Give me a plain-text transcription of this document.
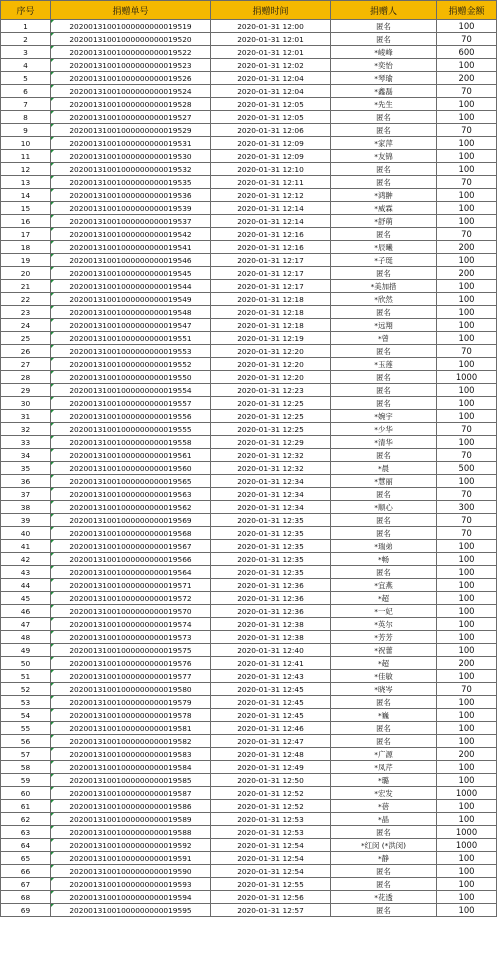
序号	捐赠单号	捐赠时间	捐赠人	捐赠金额
1	20200131001000000000019519	2020-01-31 12:00	匿名	100
2	20200131001000000000019520	2020-01-31 12:01	匿名	70
3	20200131001000000000019522	2020-01-31 12:01	*崚峰	600
4	20200131001000000000019523	2020-01-31 12:02	*奕怡	100
5	20200131001000000000019526	2020-01-31 12:04	*琴瑜	200
6	20200131001000000000019524	2020-01-31 12:04	*鑫磊	70
7	20200131001000000000019528	2020-01-31 12:05	*先生	100
8	20200131001000000000019527	2020-01-31 12:05	匿名	100
9	20200131001000000000019529	2020-01-31 12:06	匿名	70
10	20200131001000000000019531	2020-01-31 12:09	*家萍	100
11	20200131001000000000019530	2020-01-31 12:09	*友锦	100
12	20200131001000000000019532	2020-01-31 12:10	匿名	100
13	20200131001000000000019535	2020-01-31 12:11	匿名	70
14	20200131001000000000019536	2020-01-31 12:12	*鸿翀	100
15	20200131001000000000019539	2020-01-31 12:14	*威霖	100
16	20200131001000000000019537	2020-01-31 12:14	*舒萌	100
17	20200131001000000000019542	2020-01-31 12:16	匿名	70
18	20200131001000000000019541	2020-01-31 12:16	*辰曦	200
19	20200131001000000000019546	2020-01-31 12:17	*子珽	100
20	20200131001000000000019545	2020-01-31 12:17	匿名	200
21	20200131001000000000019544	2020-01-31 12:17	*美加措	100
22	20200131001000000000019549	2020-01-31 12:18	*欣然	100
23	20200131001000000000019548	2020-01-31 12:18	匿名	100
24	20200131001000000000019547	2020-01-31 12:18	*远翔	100
25	20200131001000000000019551	2020-01-31 12:19	*曾	100
26	20200131001000000000019553	2020-01-31 12:20	匿名	70
27	20200131001000000000019552	2020-01-31 12:20	*玉莲	100
28	20200131001000000000019550	2020-01-31 12:20	匿名	1000
29	20200131001000000000019554	2020-01-31 12:23	匿名	100
30	20200131001000000000019557	2020-01-31 12:25	匿名	100
31	20200131001000000000019556	2020-01-31 12:25	*婉宇	100
32	20200131001000000000019555	2020-01-31 12:25	*少华	70
33	20200131001000000000019558	2020-01-31 12:29	*清华	100
34	20200131001000000000019561	2020-01-31 12:32	匿名	70
35	20200131001000000000019560	2020-01-31 12:32	*晨	500
36	20200131001000000000019565	2020-01-31 12:34	*慧丽	100
37	20200131001000000000019563	2020-01-31 12:34	匿名	70
38	20200131001000000000019562	2020-01-31 12:34	*顺心	300
39	20200131001000000000019569	2020-01-31 12:35	匿名	70
40	20200131001000000000019568	2020-01-31 12:35	匿名	70
41	20200131001000000000019567	2020-01-31 12:35	*瑞弟	100
42	20200131001000000000019566	2020-01-31 12:35	*畅	100
43	20200131001000000000019564	2020-01-31 12:35	匿名	100
44	20200131001000000000019571	2020-01-31 12:36	*宜燕	100
45	20200131001000000000019572	2020-01-31 12:36	*超	100
46	20200131001000000000019570	2020-01-31 12:36	*一妃	100
47	20200131001000000000019574	2020-01-31 12:38	*英尔	100
48	20200131001000000000019573	2020-01-31 12:38	*芳芳	100
49	20200131001000000000019575	2020-01-31 12:40	*祝蕾	100
50	20200131001000000000019576	2020-01-31 12:41	*超	200
51	20200131001000000000019577	2020-01-31 12:43	*佳敏	100
52	20200131001000000000019580	2020-01-31 12:45	*晓岑	70
53	20200131001000000000019579	2020-01-31 12:45	匿名	100
54	20200131001000000000019578	2020-01-31 12:45	*巍	100
55	20200131001000000000019581	2020-01-31 12:46	匿名	100
56	20200131001000000000019582	2020-01-31 12:47	匿名	100
57	20200131001000000000019583	2020-01-31 12:48	*广源	200
58	20200131001000000000019584	2020-01-31 12:49	*凤芹	100
59	20200131001000000000019585	2020-01-31 12:50	*璐	100
60	20200131001000000000019587	2020-01-31 12:52	*宏发	1000
61	20200131001000000000019586	2020-01-31 12:52	*蓓	100
62	20200131001000000000019589	2020-01-31 12:53	*晶	100
63	20200131001000000000019588	2020-01-31 12:53	匿名	1000
64	20200131001000000000019592	2020-01-31 12:54	*红闵 (*洪闵)	1000
65	20200131001000000000019591	2020-01-31 12:54	*静	100
66	20200131001000000000019590	2020-01-31 12:54	匿名	100
67	20200131001000000000019593	2020-01-31 12:55	匿名	100
68	20200131001000000000019594	2020-01-31 12:56	*花透	100
69	20200131001000000000019595	2020-01-31 12:57	匿名	100
